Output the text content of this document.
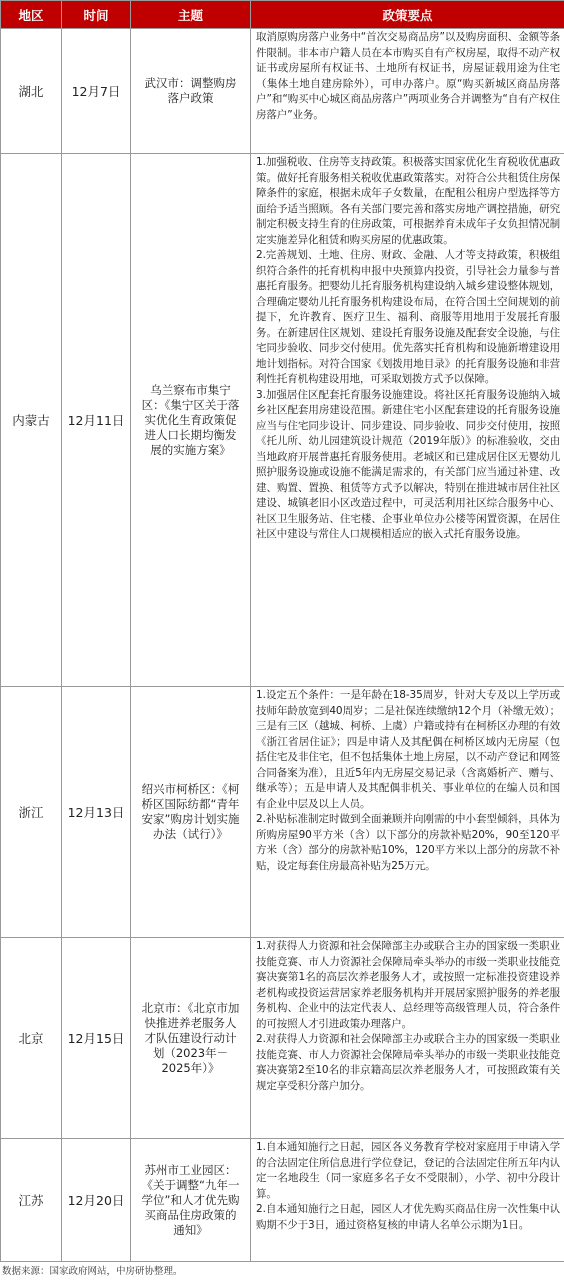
地区	时间	主题	政策要点
湖北	12月7日	武汉市：调整购房落户政策	取消原购房落户业务中“首次交易商品房”以及购房面积、金额等条件限制。非本市户籍人员在本市购买自有产权房屋，取得不动产权证书或房屋所有权证书、土地所有权证书，房屋证载用途为住宅（集体土地自建房除外），可申办落户。原“购买新城区商品房落户”和“购买中心城区商品房落户”两项业务合并调整为“自有产权住房落户”业务。

内蒙古	12月11日	乌兰察布市集宁区：《集宁区关于落实优化生育政策促进人口长期均衡发展的实施方案》	1.加强税收、住房等支持政策。积极落实国家优化生育税收优惠政策。做好托育服务相关税收优惠政策落实。对符合公共租赁住房保障条件的家庭，根据未成年子女数量，在配租公租房户型选择等方面给予适当照顾。各有关部门要完善和落实房地产调控措施，研究制定积极支持生育的住房政策，可根据养育未成年子女负担情况制定实施差异化租赁和购买房屋的优惠政策。
2.完善规划、土地、住房、财政、金融、人才等支持政策，积极组织符合条件的托育机构申报中央预算内投资，引导社会力量参与普惠托育服务。把婴幼儿托育服务机构建设纳入城乡建设整体规划，合理确定婴幼儿托育服务机构建设布局，在符合国土空间规划的前提下，允许教育、医疗卫生、福利、商服等用地用于发展托育服务。在新建居住区规划、建设托育服务设施及配套安全设施，与住宅同步验收、同步交付使用。优先落实托育机构和设施新增建设用地计划指标。对符合国家《划拨用地目录》的托育服务设施和非营利性托育机构建设用地，可采取划拨方式予以保障。
3.加强居住区配套托育服务设施建设。将社区托育服务设施纳入城乡社区配套用房建设范围。新建住宅小区配套建设的托育服务设施应当与住宅同步设计、同步建设、同步验收、同步交付使用，按照《托儿所、幼儿园建筑设计规范（2019年版）》的标准验收，交由当地政府开展普惠托育服务使用。老城区和已建成居住区无婴幼儿照护服务设施或设施不能满足需求的，有关部门应当通过补建、改建、购置、置换、租赁等方式予以解决，特别在推进城市居住社区建设、城镇老旧小区改造过程中，可灵活利用社区综合服务中心、社区卫生服务站、住宅楼、企事业单位办公楼等闲置资源，在居住社区中建设与常住人口规模相适应的嵌入式托育服务设施。

浙江	12月13日	绍兴市柯桥区：《柯桥区国际纺都“青年安家”购房计划实施办法（试行）》	1.设定五个条件：一是年龄在18-35周岁，针对大专及以上学历或技师年龄放宽到40周岁；二是社保连续缴纳12个月（补缴无效）；三是有三区（越城、柯桥、上虞）户籍或持有在柯桥区办理的有效《浙江省居住证》；四是申请人及其配偶在柯桥区域内无房屋（包括住宅及非住宅，但不包括集体土地上房屋，以不动产登记和网签合同备案为准），且近5年内无房屋交易记录（含离婚析产、赠与、继承等）；五是申请人及其配偶非机关、事业单位的在编人员和国有企业中层及以上人员。
2.补贴标准制定时做到全面兼顾并向刚需的中小套型倾斜，具体为所购房屋90平方米（含）以下部分的房款补贴20%，90至120平方米（含）部分的房款补贴10%，120平方米以上部分的房款不补贴，设定每套住房最高补贴为25万元。

北京	12月15日	北京市：《北京市加快推进养老服务人才队伍建设行动计划（2023年－2025年）》	1.对获得人力资源和社会保障部主办或联合主办的国家级一类职业技能竞赛、市人力资源社会保障局牵头举办的市级一类职业技能竞赛决赛第1名的高层次养老服务人才，或按照一定标准投资建设养老机构或投资运营居家养老服务机构并开展居家照护服务的养老服务机构、企业中的法定代表人、总经理等高级管理人员，符合条件的可按照人才引进政策办理落户。
2.对获得人力资源和社会保障部主办或联合主办的国家级一类职业技能竞赛、市人力资源社会保障局牵头举办的市级一类职业技能竞赛决赛第2至10名的非京籍高层次养老服务人才，可按照政策有关规定享受积分落户加分。

江苏	12月20日	苏州市工业园区：《关于调整“九年一学位”和人才优先购买商品住房政策的通知》	1.自本通知施行之日起，园区各义务教育学校对家庭用于申请入学的合法固定住所信息进行学位登记，登记的合法固定住所五年内认定一名地段生（同一家庭多名子女不受限制），小学、初中分段计算。
2.自本通知施行之日起，园区人才优先购买商品住房一次性集中认购期不少于3日，通过资格复核的申请人名单公示期为1日。
数据来源：国家政府网站，中房研协整理。
